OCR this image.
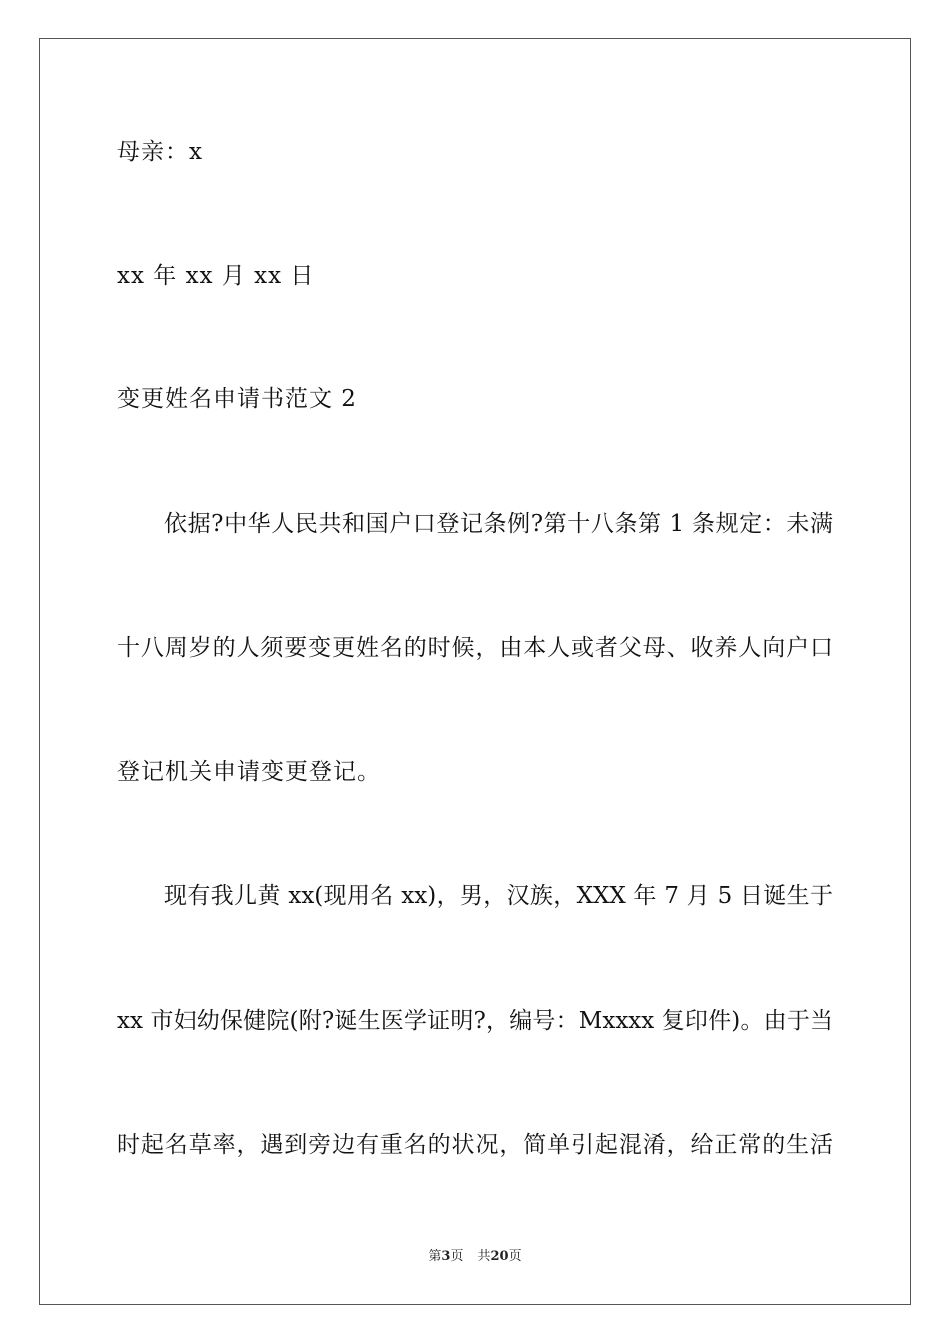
母亲：x
xx 年 xx 月 xx 日
变更姓名申请书范文 2
依据?中华人民共和国户口登记条例?第十八条第 1 条规定：未满
十八周岁的人须要变更姓名的时候，由本人或者父母、收养人向户口
登记机关申请变更登记。
现有我儿黄 xx(现用名 xx)，男，汉族，XXX 年 7 月 5 日诞生于
xx 市妇幼保健院(附?诞生医学证明?，编号：Mxxxx 复印件)。由于当
时起名草率，遇到旁边有重名的状况，简单引起混淆，给正常的生活
第3页 共20页
